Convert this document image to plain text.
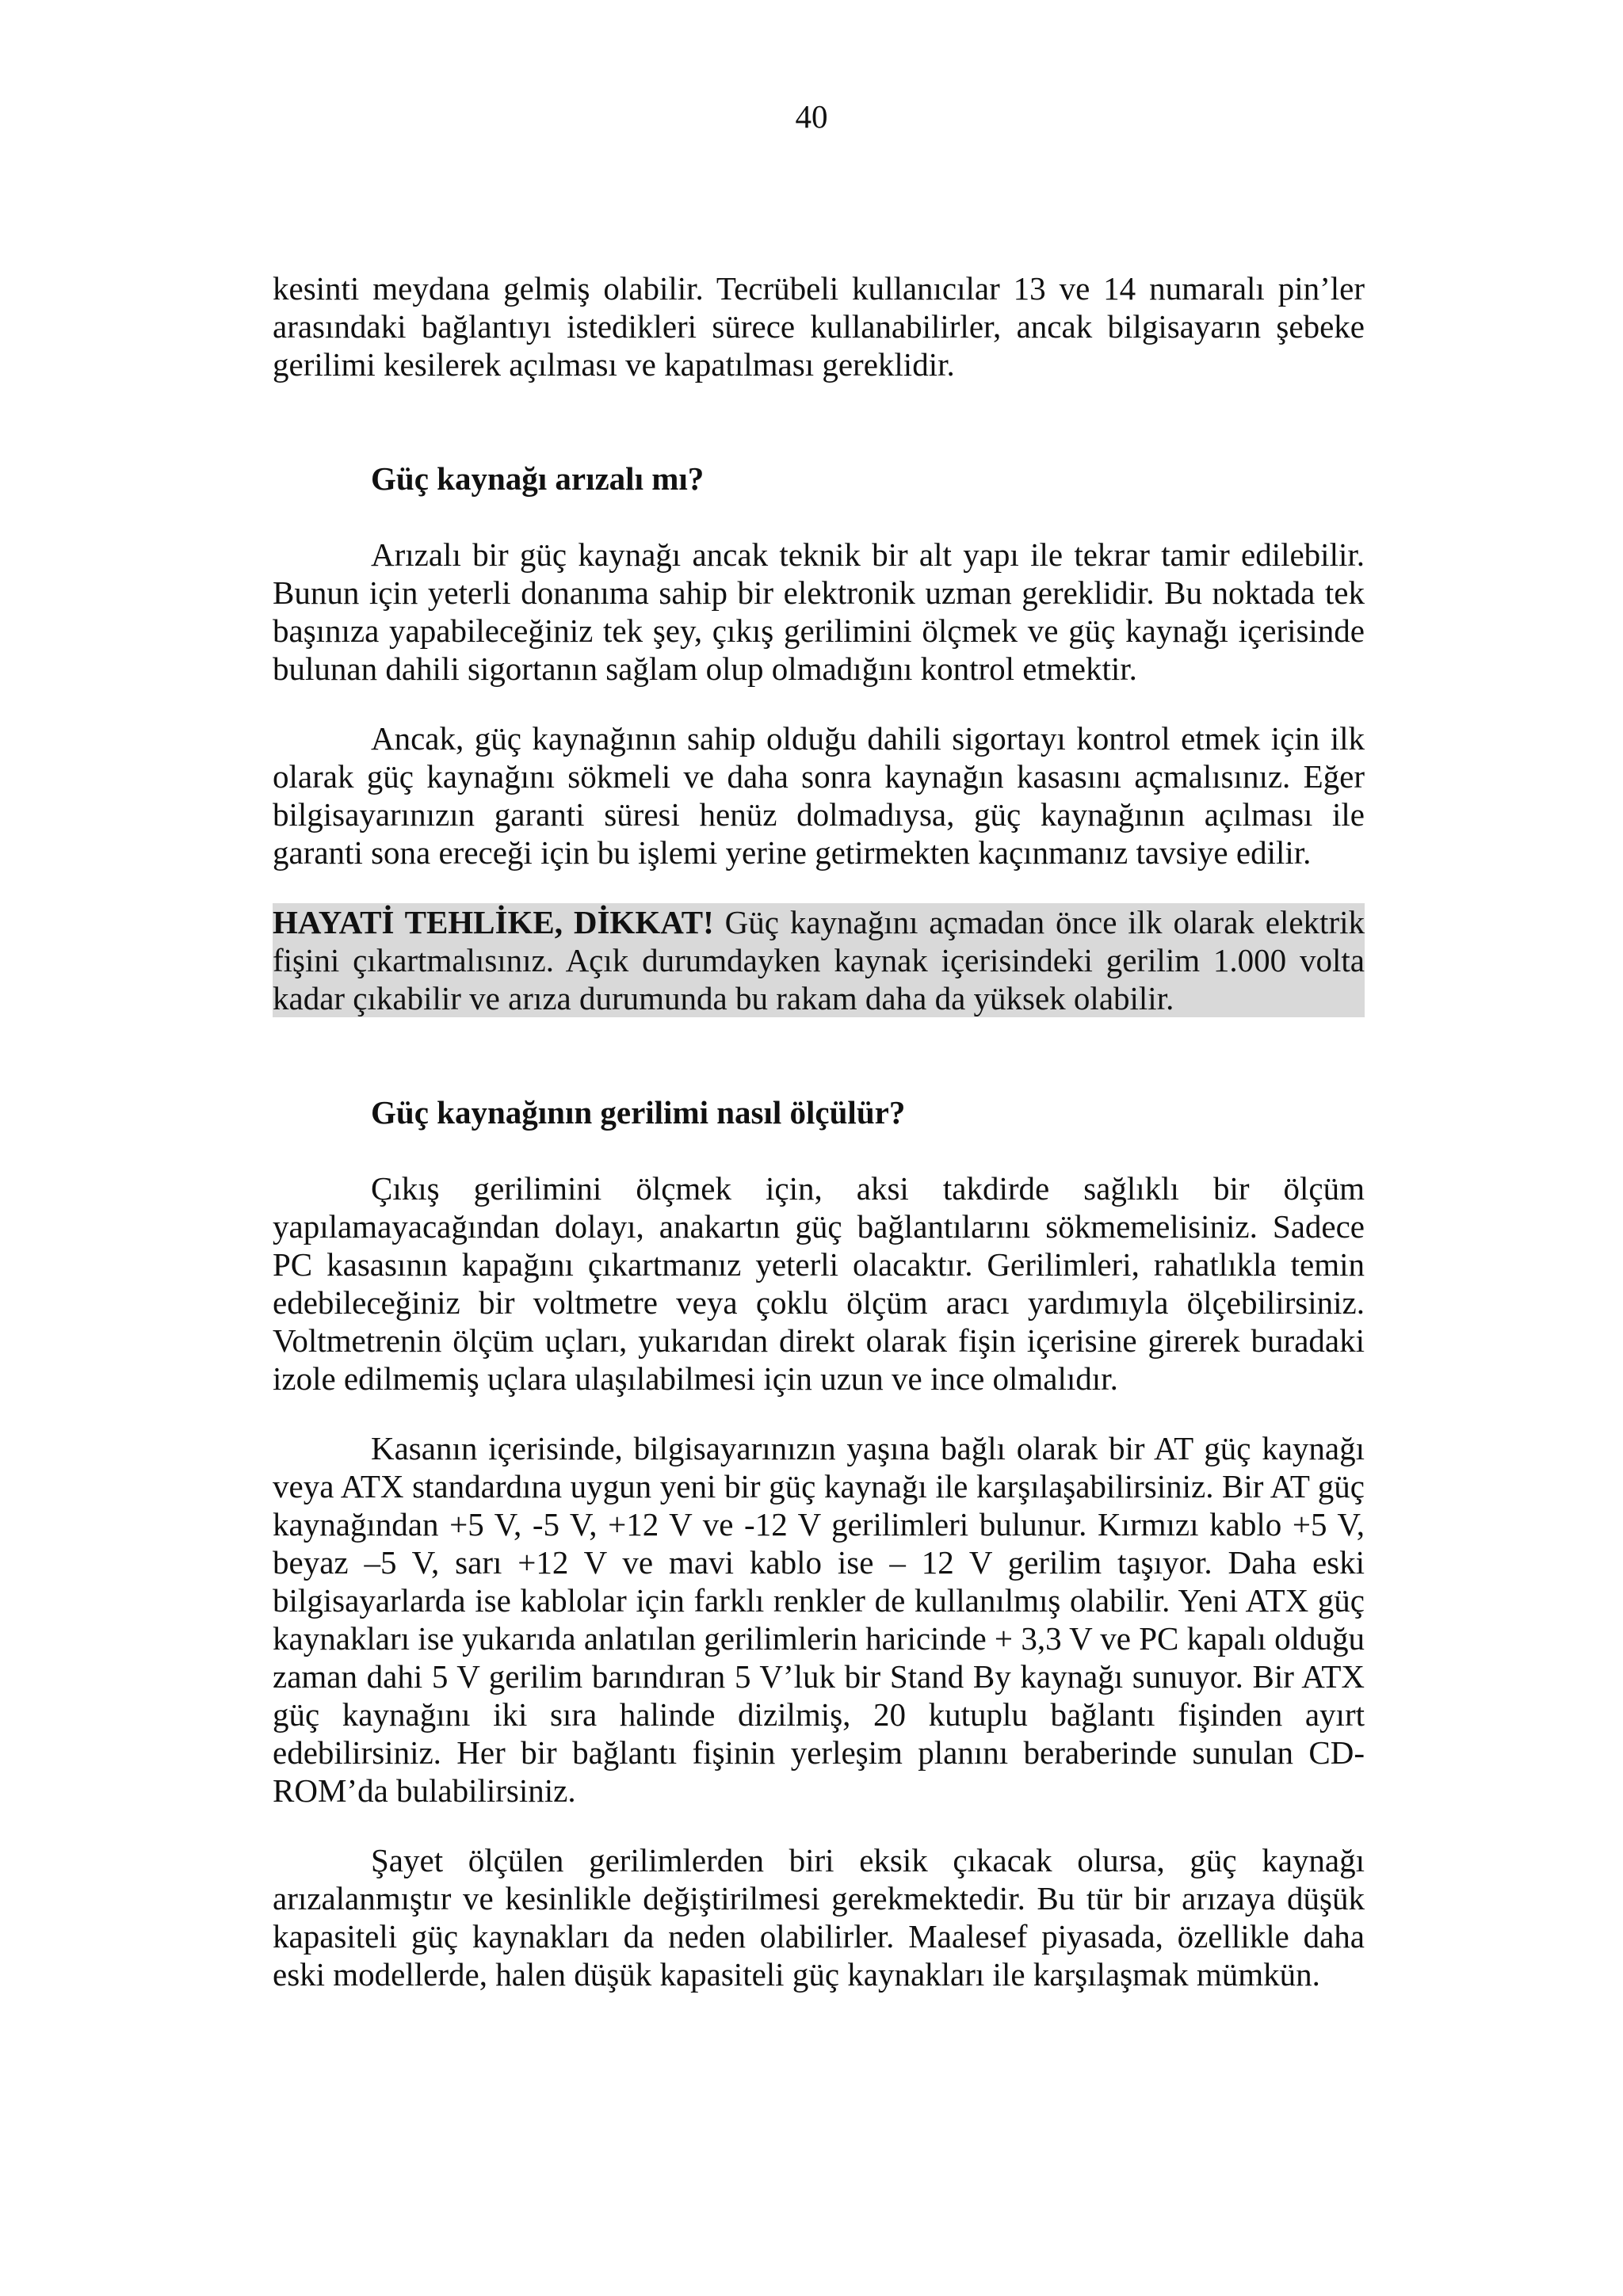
40

kesinti meydana gelmiş olabilir. Tecrübeli kullanıcılar 13 ve 14 numaralı pin’ler arasındaki bağlantıyı istedikleri sürece kullanabilirler, ancak bilgisayarın şebeke gerilimi kesilerek açılması ve kapatılması gereklidir.

Güç kaynağı arızalı mı?

Arızalı bir güç kaynağı ancak teknik bir alt yapı ile tekrar tamir edilebilir. Bunun için yeterli donanıma sahip bir elektronik uzman gereklidir. Bu noktada tek başınıza yapabileceğiniz tek şey, çıkış gerilimini ölçmek ve güç kaynağı içerisinde bulunan dahili sigortanın sağlam olup olmadığını kontrol etmektir.

Ancak, güç kaynağının sahip olduğu dahili sigortayı kontrol etmek için ilk olarak güç kaynağını sökmeli ve daha sonra kaynağın kasasını açmalısınız. Eğer bilgisayarınızın garanti süresi henüz dolmadıysa, güç kaynağının açılması ile garanti sona ereceği için bu işlemi yerine getirmekten kaçınmanız tavsiye edilir.

HAYATİ TEHLİKE, DİKKAT! Güç kaynağını açmadan önce ilk olarak elektrik fişini çıkartmalısınız. Açık durumdayken kaynak içerisindeki gerilim 1.000 volta kadar çıkabilir ve arıza durumunda bu rakam daha da yüksek olabilir.

Güç kaynağının gerilimi nasıl ölçülür?

Çıkış gerilimini ölçmek için, aksi takdirde sağlıklı bir ölçüm yapılamayacağından dolayı, anakartın güç bağlantılarını sökmemelisiniz. Sadece PC kasasının kapağını çıkartmanız yeterli olacaktır. Gerilimleri, rahatlıkla temin edebileceğiniz bir voltmetre veya çoklu ölçüm aracı yardımıyla ölçebilirsiniz. Voltmetrenin ölçüm uçları, yukarıdan direkt olarak fişin içerisine girerek buradaki izole edilmemiş uçlara ulaşılabilmesi için uzun ve ince olmalıdır.

Kasanın içerisinde, bilgisayarınızın yaşına bağlı olarak bir AT güç kaynağı veya ATX standardına uygun yeni bir güç kaynağı ile karşılaşabilirsiniz. Bir AT güç kaynağından +5 V, -5 V, +12 V ve -12 V gerilimleri bulunur. Kırmızı kablo +5 V, beyaz –5 V, sarı +12 V ve mavi kablo ise – 12 V gerilim taşıyor. Daha eski bilgisayarlarda ise kablolar için farklı renkler de kullanılmış olabilir. Yeni ATX güç kaynakları ise yukarıda anlatılan gerilimlerin haricinde + 3,3 V ve PC kapalı olduğu zaman dahi 5 V gerilim barındıran 5 V’luk bir Stand By kaynağı sunuyor. Bir ATX güç kaynağını iki sıra halinde dizilmiş, 20 kutuplu bağlantı fişinden ayırt edebilirsiniz. Her bir bağlantı fişinin yerleşim planını beraberinde sunulan CD-ROM’da bulabilirsiniz.

Şayet ölçülen gerilimlerden biri eksik çıkacak olursa, güç kaynağı arızalanmıştır ve kesinlikle değiştirilmesi gerekmektedir. Bu tür bir arızaya düşük kapasiteli güç kaynakları da neden olabilirler. Maalesef piyasada, özellikle daha eski modellerde, halen düşük kapasiteli güç kaynakları ile karşılaşmak mümkün.
